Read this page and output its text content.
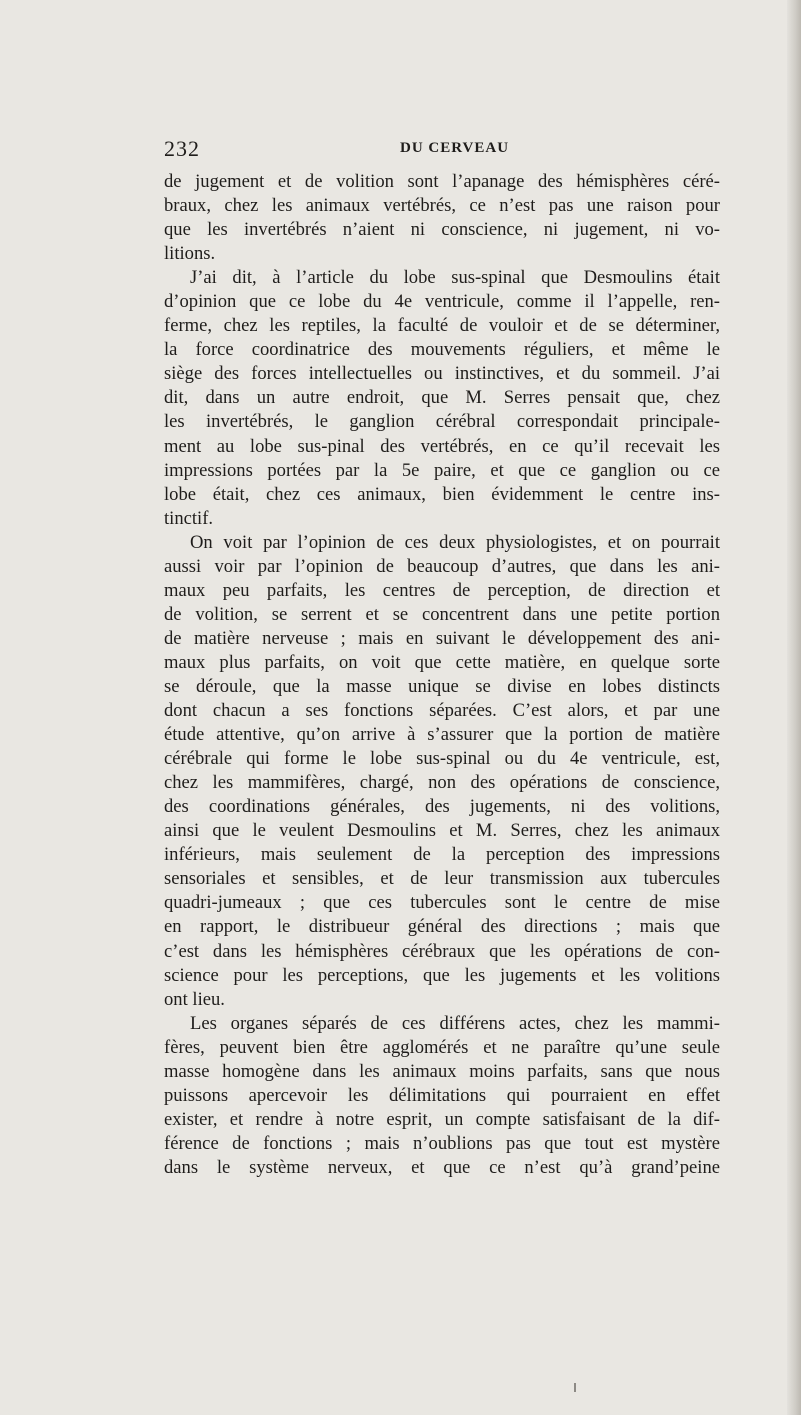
232	DU CERVEAU
de jugement et de volition sont l’apanage des hémisphères céré-
braux, chez les animaux vertébrés, ce n’est pas une raison pour
que les invertébrés n’aient ni conscience, ni jugement, ni vo-
litions.
J’ai dit, à l’article du lobe sus-spinal que Desmoulins était
d’opinion que ce lobe du 4e ventricule, comme il l’appelle, ren-
ferme, chez les reptiles, la faculté de vouloir et de se déterminer,
la force coordinatrice des mouvements réguliers, et même le
siège des forces intellectuelles ou instinctives, et du sommeil. J’ai
dit, dans un autre endroit, que M. Serres pensait que, chez
les invertébrés, le ganglion cérébral correspondait principale-
ment au lobe sus-pinal des vertébrés, en ce qu’il recevait les
impressions portées par la 5e paire, et que ce ganglion ou ce
lobe était, chez ces animaux, bien évidemment le centre ins-
tinctif.
On voit par l’opinion de ces deux physiologistes, et on pourrait
aussi voir par l’opinion de beaucoup d’autres, que dans les ani-
maux peu parfaits, les centres de perception, de direction et
de volition, se serrent et se concentrent dans une petite portion
de matière nerveuse ; mais en suivant le développement des ani-
maux plus parfaits, on voit que cette matière, en quelque sorte
se déroule, que la masse unique se divise en lobes distincts
dont chacun a ses fonctions séparées. C’est alors, et par une
étude attentive, qu’on arrive à s’assurer que la portion de matière
cérébrale qui forme le lobe sus-spinal ou du 4e ventricule, est,
chez les mammifères, chargé, non des opérations de conscience,
des coordinations générales, des jugements, ni des volitions,
ainsi que le veulent Desmoulins et M. Serres, chez les animaux
inférieurs, mais seulement de la perception des impressions
sensoriales et sensibles, et de leur transmission aux tubercules
quadri-jumeaux ; que ces tubercules sont le centre de mise
en rapport, le distribueur général des directions ; mais que
c’est dans les hémisphères cérébraux que les opérations de con-
science pour les perceptions, que les jugements et les volitions
ont lieu.
Les organes séparés de ces différens actes, chez les mammi-
fères, peuvent bien être agglomérés et ne paraître qu’une seule
masse homogène dans les animaux moins parfaits, sans que nous
puissons apercevoir les délimitations qui pourraient en effet
exister, et rendre à notre esprit, un compte satisfaisant de la dif-
férence de fonctions ; mais n’oublions pas que tout est mystère
dans le système nerveux, et que ce n’est qu’à grand’peine
